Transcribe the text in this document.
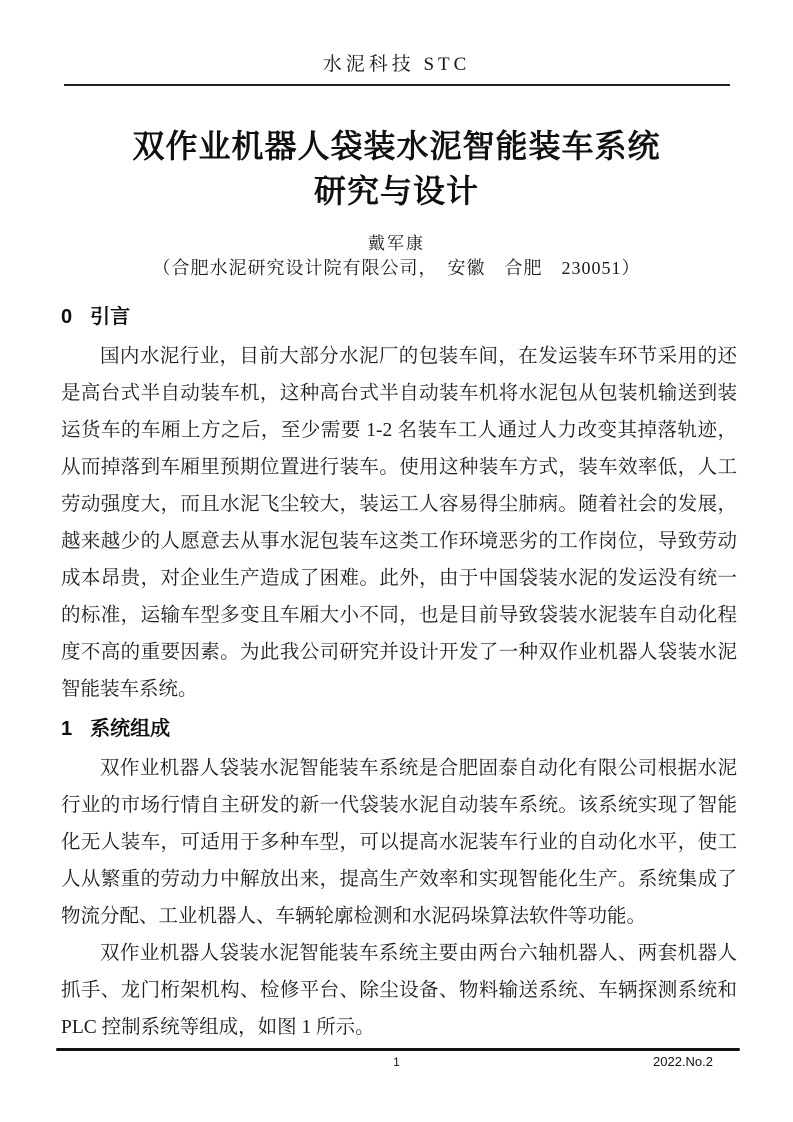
水泥科技 STC
双作业机器人袋装水泥智能装车系统
研究与设计
戴军康
（合肥水泥研究设计院有限公司，　安徽　合肥　230051）
0 引言

国内水泥行业，目前大部分水泥厂的包装车间，在发运装车环节采用的还是高台式半自动装车机，这种高台式半自动装车机将水泥包从包装机输送到装运货车的车厢上方之后，至少需要 1-2 名装车工人通过人力改变其掉落轨迹，从而掉落到车厢里预期位置进行装车。使用这种装车方式，装车效率低，人工劳动强度大，而且水泥飞尘较大，装运工人容易得尘肺病。随着社会的发展，越来越少的人愿意去从事水泥包装车这类工作环境恶劣的工作岗位，导致劳动成本昂贵，对企业生产造成了困难。此外，由于中国袋装水泥的发运没有统一的标准，运输车型多变且车厢大小不同，也是目前导致袋装水泥装车自动化程度不高的重要因素。为此我公司研究并设计开发了一种双作业机器人袋装水泥智能装车系统。

1 系统组成

双作业机器人袋装水泥智能装车系统是合肥固泰自动化有限公司根据水泥行业的市场行情自主研发的新一代袋装水泥自动装车系统。该系统实现了智能化无人装车，可适用于多种车型，可以提高水泥装车行业的自动化水平，使工人从繁重的劳动力中解放出来，提高生产效率和实现智能化生产。系统集成了物流分配、工业机器人、车辆轮廓检测和水泥码垛算法软件等功能。

双作业机器人袋装水泥智能装车系统主要由两台六轴机器人、两套机器人抓手、龙门桁架机构、检修平台、除尘设备、物料输送系统、车辆探测系统和 PLC 控制系统等组成，如图 1 所示。

1	2022.No.2
